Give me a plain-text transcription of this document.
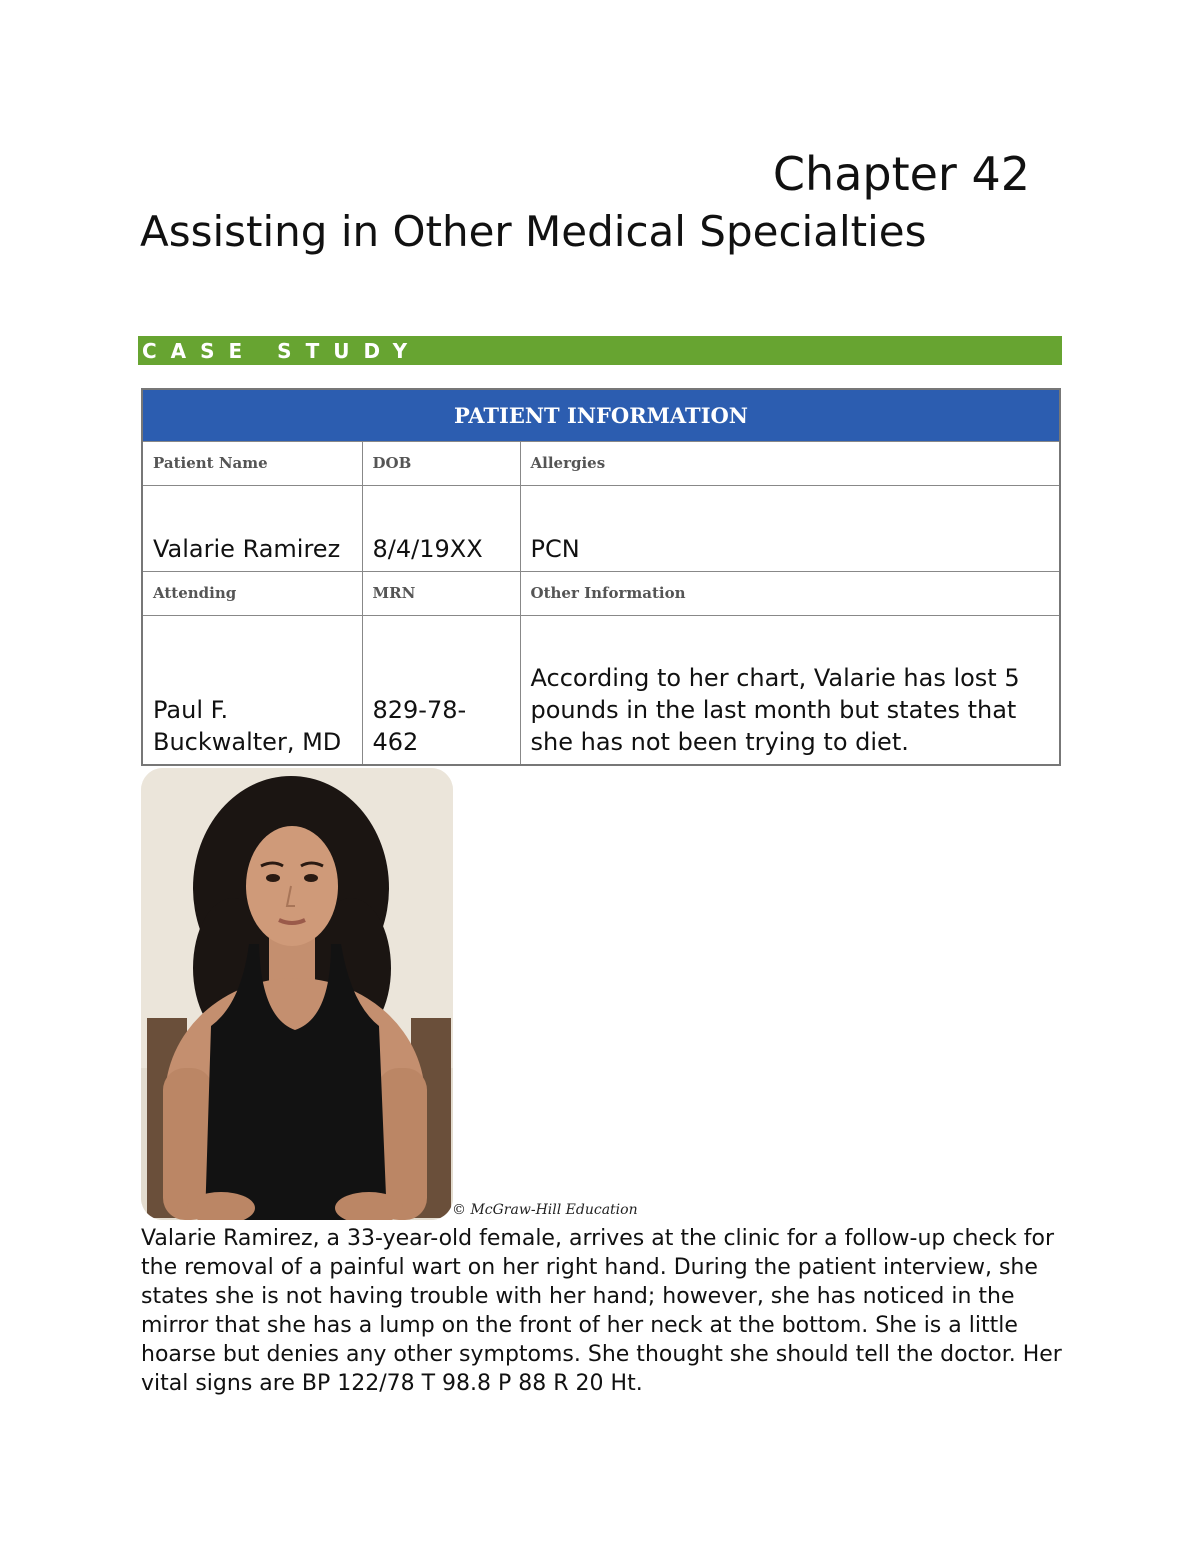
Chapter 42
Assisting in Other Medical Specialties
CASE STUDY
PATIENT INFORMATION		
Patient Name	DOB	Allergies
Valarie Ramirez	8/4/19XX	PCN
Attending	MRN	Other Information
Paul F. Buckwalter, MD	829-78-462	According to her chart, Valarie has lost 5 pounds in the last month but states that she has not been trying to diet.
© McGraw-Hill Education

Valarie Ramirez, a 33-year-old female, arrives at the clinic for a follow-up check for the removal of a painful wart on her right hand. During the patient interview, she states she is not having trouble with her hand; however, she has noticed in the mirror that she has a lump on the front of her neck at the bottom. She is a little hoarse but denies any other symptoms. She thought she should tell the doctor. Her vital signs are BP 122/78 T 98.8 P 88 R 20 Ht.
